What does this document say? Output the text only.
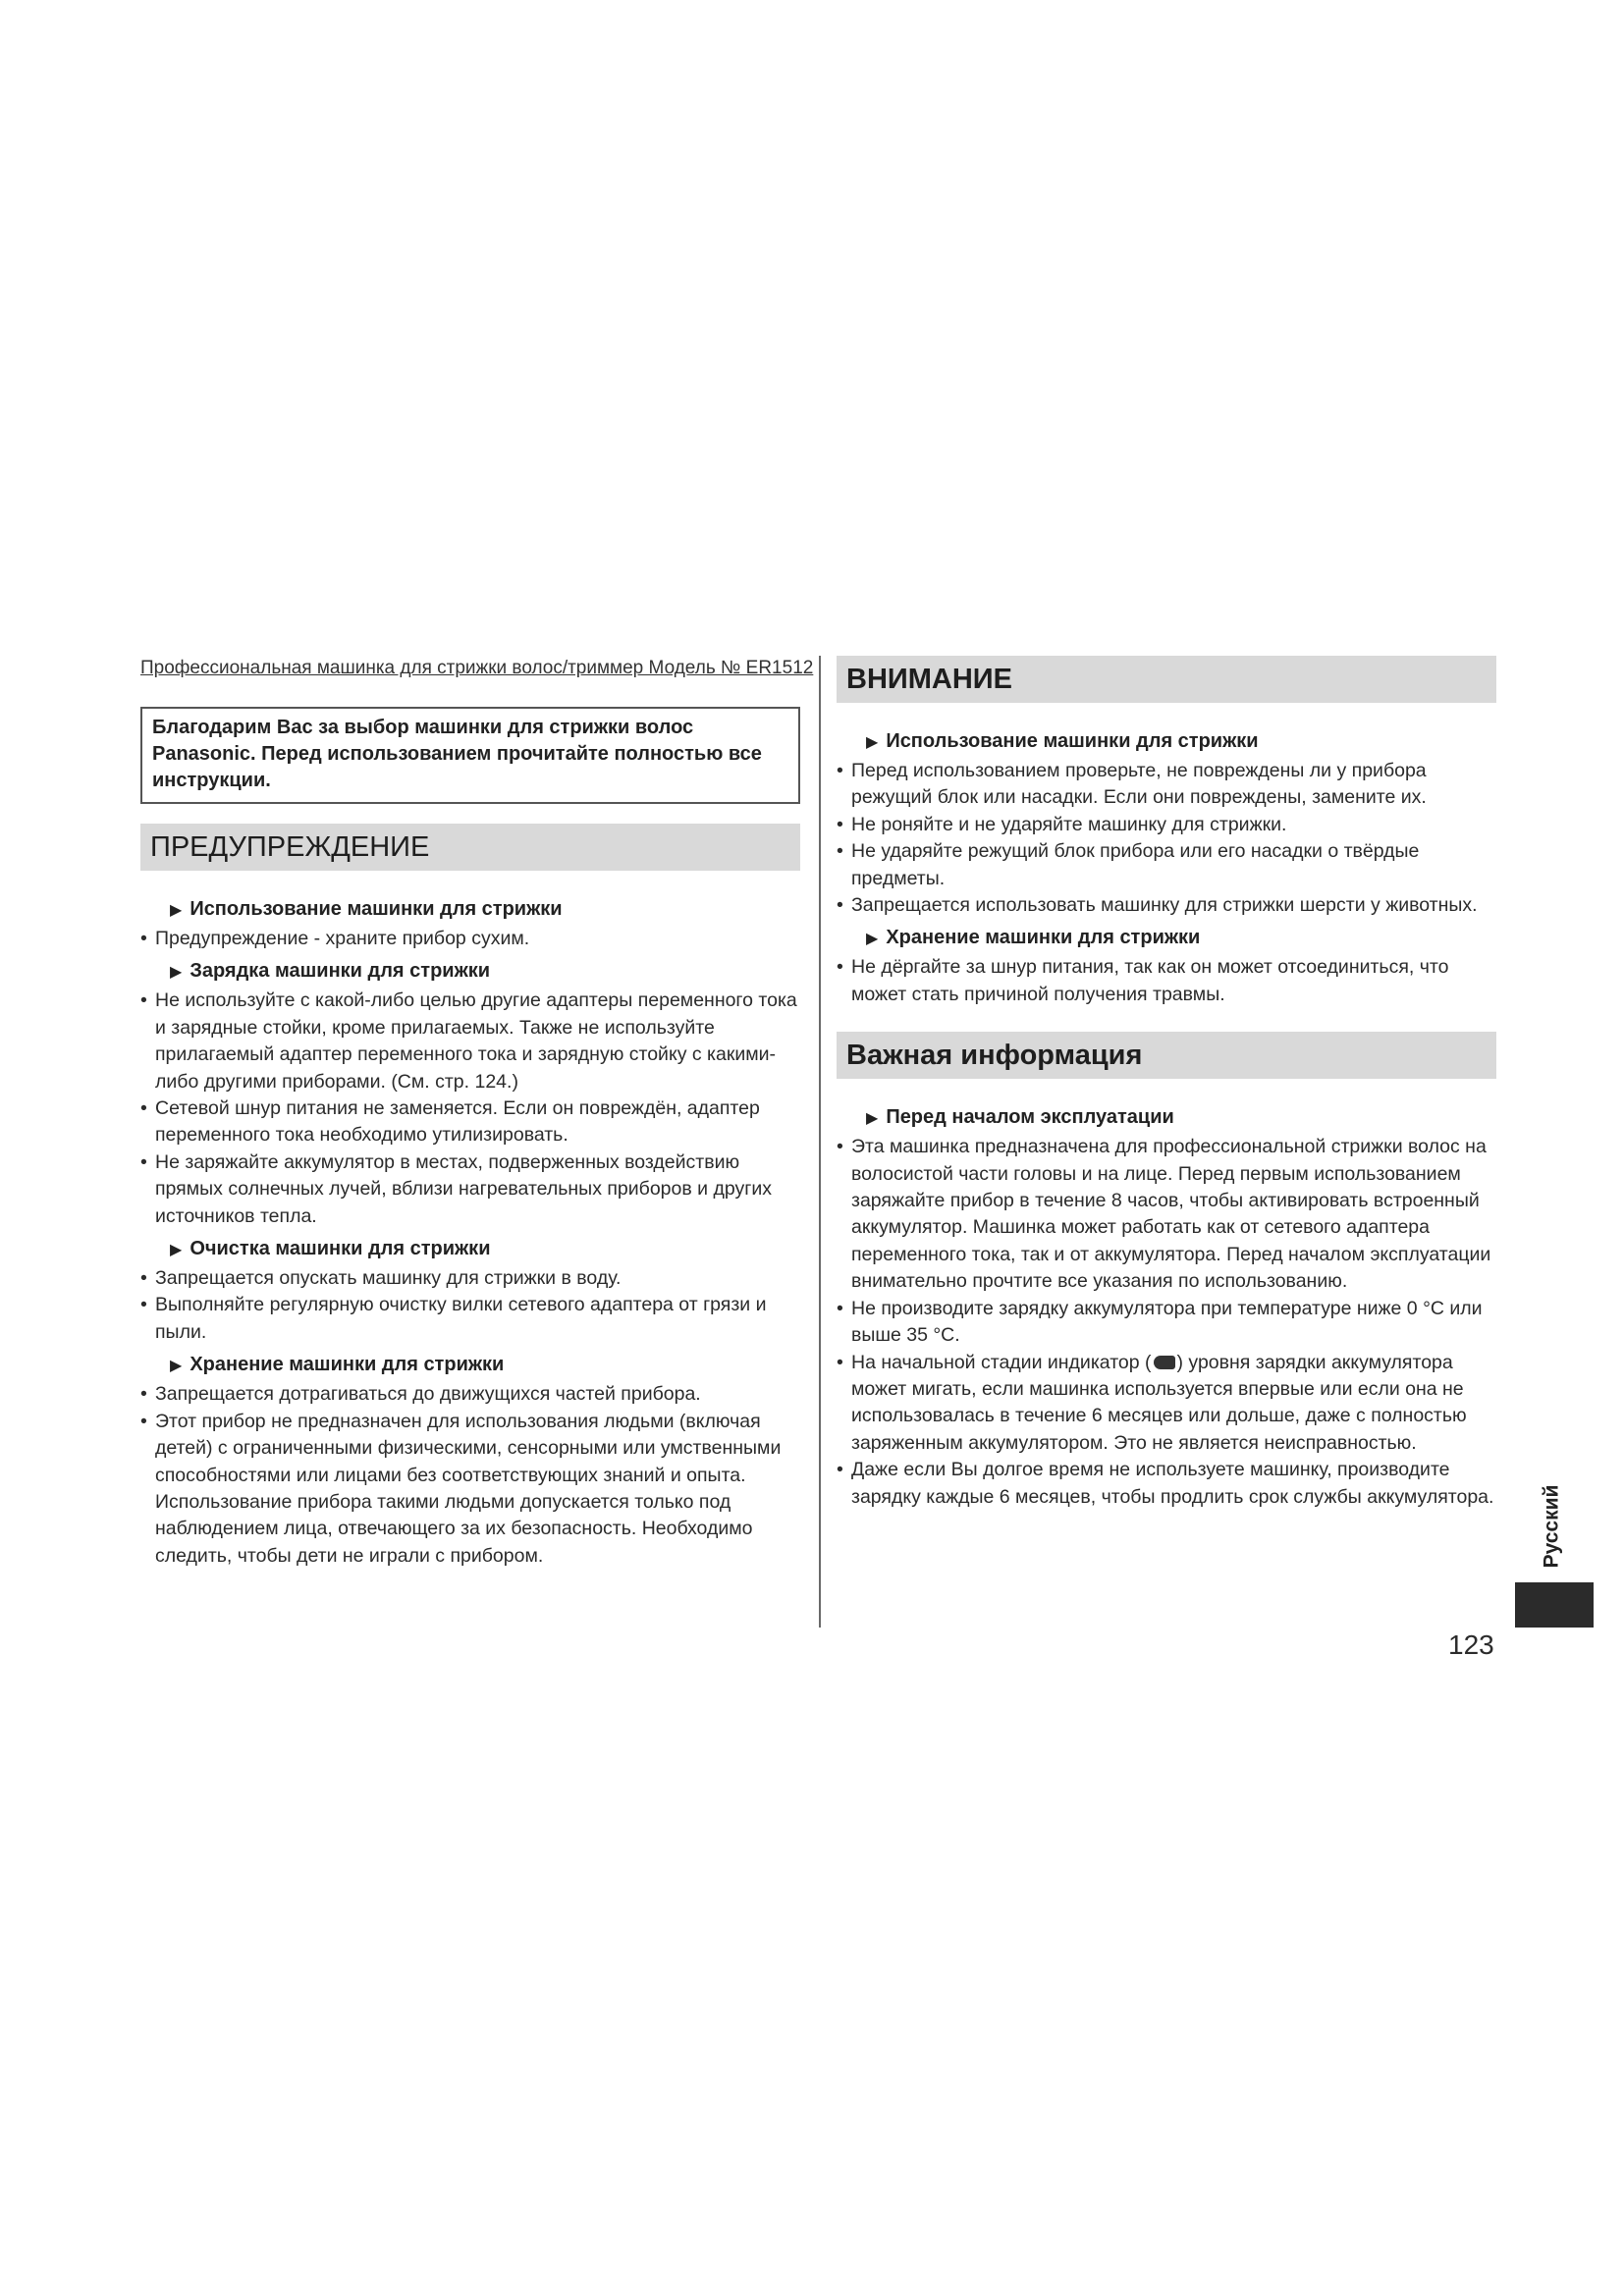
Профессиональная машинка для стрижки волос/триммер Модель № ER1512
Благодарим Вас за выбор машинки для стрижки волос Panasonic. Перед использованием прочитайте полностью все инструкции.
ПРЕДУПРЕЖДЕНИЕ
▶ Использование машинки для стрижки
• Предупреждение - храните прибор сухим.
▶ Зарядка машинки для стрижки
• Не используйте с какой-либо целью другие адаптеры переменного тока и зарядные стойки, кроме прилагаемых. Также не используйте прилагаемый адаптер переменного тока и зарядную стойку с какими-либо другими приборами. (См. стр. 124.)
• Сетевой шнур питания не заменяется. Если он повреждён, адаптер переменного тока необходимо утилизировать.
• Не заряжайте аккумулятор в местах, подверженных воздействию прямых солнечных лучей, вблизи нагревательных приборов и других источников тепла.
▶ Очистка машинки для стрижки
• Запрещается опускать машинку для стрижки в воду.
• Выполняйте регулярную очистку вилки сетевого адаптера от грязи и пыли.
▶ Хранение машинки для стрижки
• Запрещается дотрагиваться до движущихся частей прибора.
• Этот прибор не предназначен для использования людьми (включая детей) с ограниченными физическими, сенсорными или умственными способностями или лицами без соответствующих знаний и опыта. Использование прибора такими людьми допускается только под наблюдением лица, отвечающего за их безопасность. Необходимо следить, чтобы дети не играли с прибором.
ВНИМАНИЕ
▶ Использование машинки для стрижки
• Перед использованием проверьте, не повреждены ли у прибора режущий блок или насадки. Если они повреждены, замените их.
• Не роняйте и не ударяйте машинку для стрижки.
• Не ударяйте режущий блок прибора или его насадки о твёрдые предметы.
• Запрещается использовать машинку для стрижки шерсти у животных.
▶ Хранение машинки для стрижки
• Не дёргайте за шнур питания, так как он может отсоединиться, что может стать причиной получения травмы.
Важная информация
▶ Перед началом эксплуатации
• Эта машинка предназначена для профессиональной стрижки волос на волосистой части головы и на лице. Перед первым использованием заряжайте прибор в течение 8 часов, чтобы активировать встроенный аккумулятор. Машинка может работать как от сетевого адаптера переменного тока, так и от аккумулятора. Перед началом эксплуатации внимательно прочтите все указания по использованию.
• Не производите зарядку аккумулятора при температуре ниже 0 °C или выше 35 °C.
• На начальной стадии индикатор ( ) уровня зарядки аккумулятора может мигать, если машинка используется впервые или если она не использовалась в течение 6 месяцев или дольше, даже с полностью заряженным аккумулятором. Это не является неисправностью.
• Даже если Вы долгое время не используете машинку, производите зарядку каждые 6 месяцев, чтобы продлить срок службы аккумулятора. Русский
123
